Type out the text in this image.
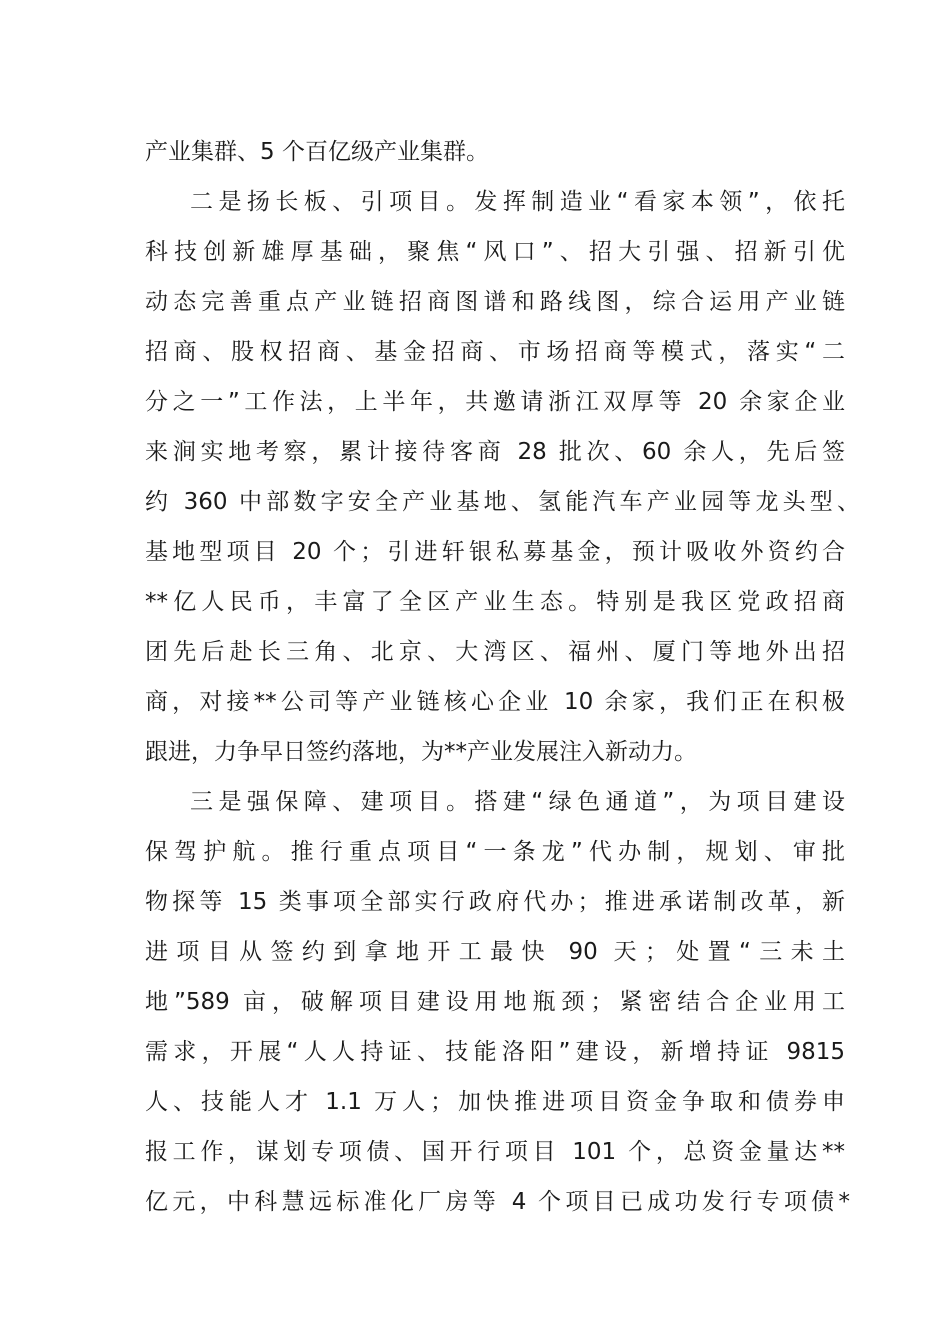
产业集群、5 个百亿级产业集群。
二是扬长板、引项目。发挥制造业“看家本领”，依托
科技创新雄厚基础，聚焦“风口”、招大引强、招新引优
动态完善重点产业链招商图谱和路线图，综合运用产业链
招商、股权招商、基金招商、市场招商等模式，落实“二
分之一”工作法，上半年，共邀请浙江双厚等 20 余家企业
来涧实地考察，累计接待客商 28 批次、60 余人，先后签
约 360 中部数字安全产业基地、氢能汽车产业园等龙头型、
基地型项目 20 个；引进轩银私募基金，预计吸收外资约合
**亿人民币，丰富了全区产业生态。特别是我区党政招商
团先后赴长三角、北京、大湾区、福州、厦门等地外出招
商，对接**公司等产业链核心企业 10 余家，我们正在积极
跟进，力争早日签约落地，为**产业发展注入新动力。
三是强保障、建项目。搭建“绿色通道”，为项目建设
保驾护航。推行重点项目“一条龙”代办制，规划、审批
物探等 15 类事项全部实行政府代办；推进承诺制改革，新
进项目从签约到拿地开工最快 90 天；处置“三未土
地”589 亩，破解项目建设用地瓶颈；紧密结合企业用工
需求，开展“人人持证、技能洛阳”建设，新增持证 9815
人、技能人才 1.1 万人；加快推进项目资金争取和债券申
报工作，谋划专项债、国开行项目 101 个，总资金量达**
亿元，中科慧远标准化厂房等 4 个项目已成功发行专项债*
